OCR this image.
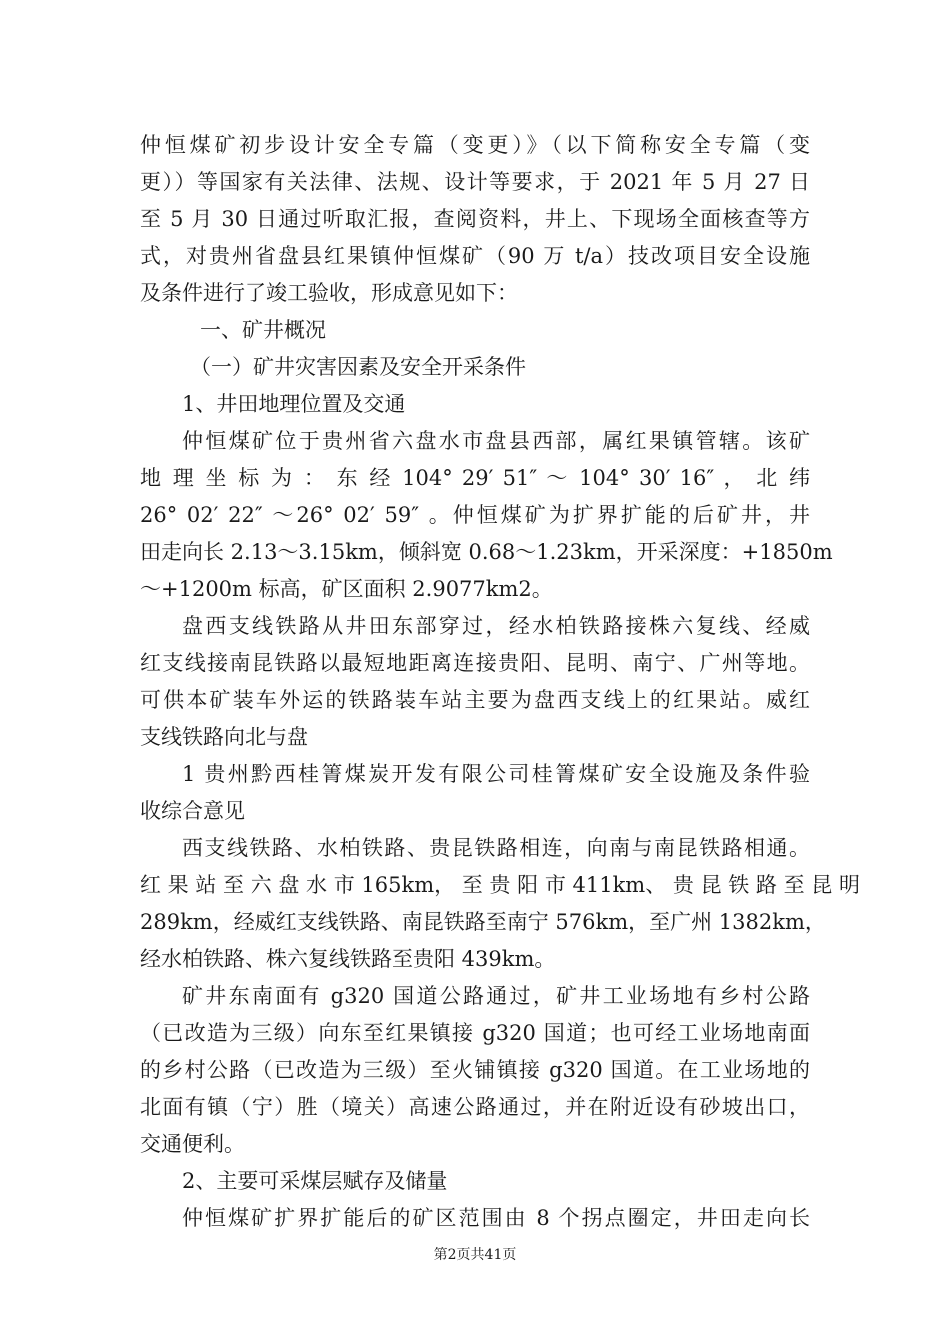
仲恒煤矿初步设计安全专篇（变更）》（以下简称安全专篇（变
更））等国家有关法律、法规、设计等要求，于 2021 年 5 月 27 日
至 5 月 30 日通过听取汇报，查阅资料，井上、下现场全面核查等方
式，对贵州省盘县红果镇仲恒煤矿（90 万 t/a）技改项目安全设施
及条件进行了竣工验收，形成意见如下：
一、矿井概况
（一）矿井灾害因素及安全开采条件
1、井田地理位置及交通
仲恒煤矿位于贵州省六盘水市盘县西部，属红果镇管辖。该矿
地 理 坐 标 为 ： 东 经 104° 29′ 51″ ～ 104° 30′ 16″ ， 北 纬
26° 02′ 22″ ～26° 02′ 59″ 。仲恒煤矿为扩界扩能的后矿井，井
田走向长 2.13～3.15km，倾斜宽 0.68～1.23km，开采深度：+1850m
～+1200m 标高，矿区面积 2.9077km2。
盘西支线铁路从井田东部穿过，经水柏铁路接株六复线、经威
红支线接南昆铁路以最短地距离连接贵阳、昆明、南宁、广州等地。
可供本矿装车外运的铁路装车站主要为盘西支线上的红果站。威红
支线铁路向北与盘
1 贵州黔西桂箐煤炭开发有限公司桂箐煤矿安全设施及条件验
收综合意见
西支线铁路、水柏铁路、贵昆铁路相连，向南与南昆铁路相通。
红 果 站 至 六 盘 水 市 165km， 至 贵 阳 市 411km、 贵 昆 铁 路 至 昆 明
289km，经威红支线铁路、南昆铁路至南宁 576km，至广州 1382km，
经水柏铁路、株六复线铁路至贵阳 439km。
矿井东南面有 g320 国道公路通过，矿井工业场地有乡村公路
（已改造为三级）向东至红果镇接 g320 国道；也可经工业场地南面
的乡村公路（已改造为三级）至火铺镇接 g320 国道。在工业场地的
北面有镇（宁）胜（境关）高速公路通过，并在附近设有砂坡出口，
交通便利。
2、主要可采煤层赋存及储量
仲恒煤矿扩界扩能后的矿区范围由 8 个拐点圈定，井田走向长
第2页共41页
